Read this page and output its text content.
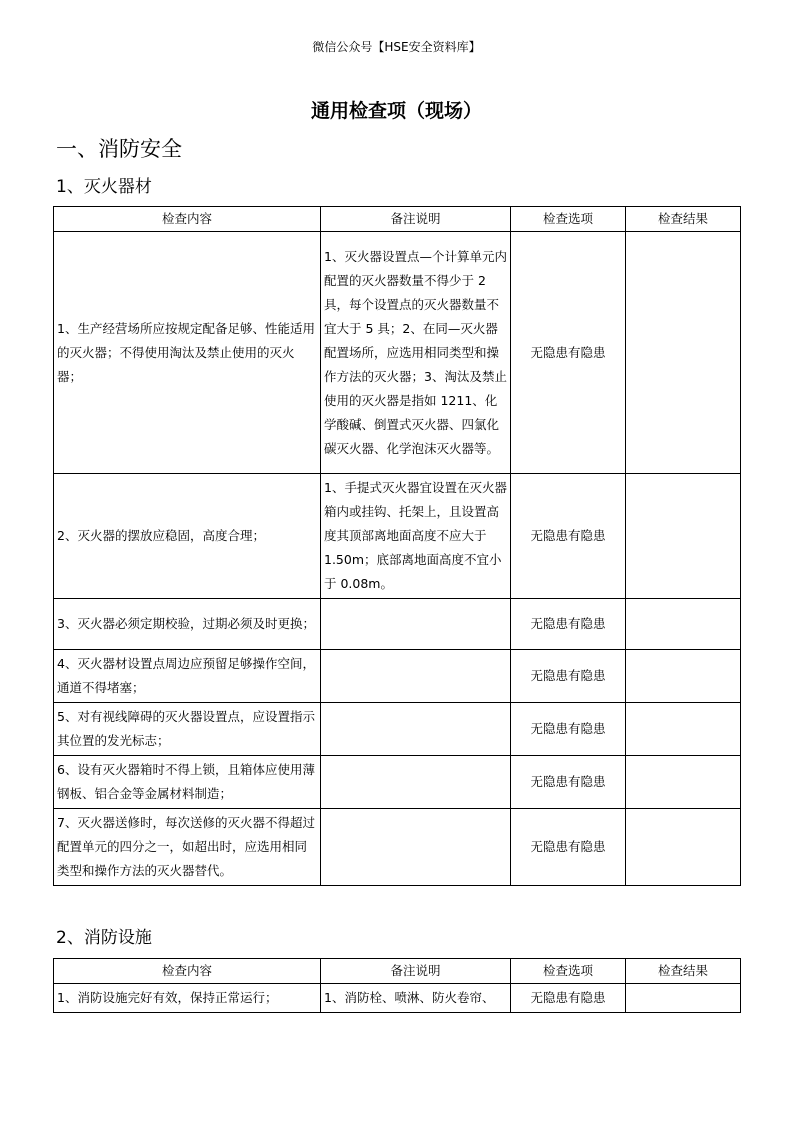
微信公众号【HSE安全资料库】
通用检查项（现场）
一、消防安全
1、灭火器材
检查内容	备注说明	检查选项	检查结果
1、生产经营场所应按规定配备足够、性能适用的灭火器；不得使用淘汰及禁止使用的灭火器；	1、灭火器设置点—个计算单元内配置的灭火器数量不得少于 2 具，每个设置点的灭火器数量不宜大于 5 具；2、在同—灭火器配置场所，应选用相同类型和操作方法的灭火器；3、淘汰及禁止使用的灭火器是指如 1211、化学酸碱、倒置式灭火器、四氯化碳灭火器、化学泡沫灭火器等。	无隐患有隐患	
2、灭火器的摆放应稳固，高度合理；	1、手提式灭火器宜设置在灭火器箱内或挂钩、托架上，且设置高度其顶部离地面高度不应大于 1.50m；底部离地面高度不宜小于 0.08m。	无隐患有隐患	
3、灭火器必须定期校验，过期必须及时更换；		无隐患有隐患	
4、灭火器材设置点周边应预留足够操作空间，通道不得堵塞；		无隐患有隐患	
5、对有视线障碍的灭火器设置点，应设置指示其位置的发光标志；		无隐患有隐患	
6、设有灭火器箱时不得上锁，且箱体应使用薄钢板、铝合金等金属材料制造；		无隐患有隐患	
7、灭火器送修时，每次送修的灭火器不得超过配置单元的四分之一，如超出时，应选用相同类型和操作方法的灭火器替代。		无隐患有隐患	
2、消防设施
检查内容	备注说明	检查选项	检查结果
1、消防设施完好有效，保持正常运行；	1、消防栓、喷淋、防火卷帘、	无隐患有隐患	
